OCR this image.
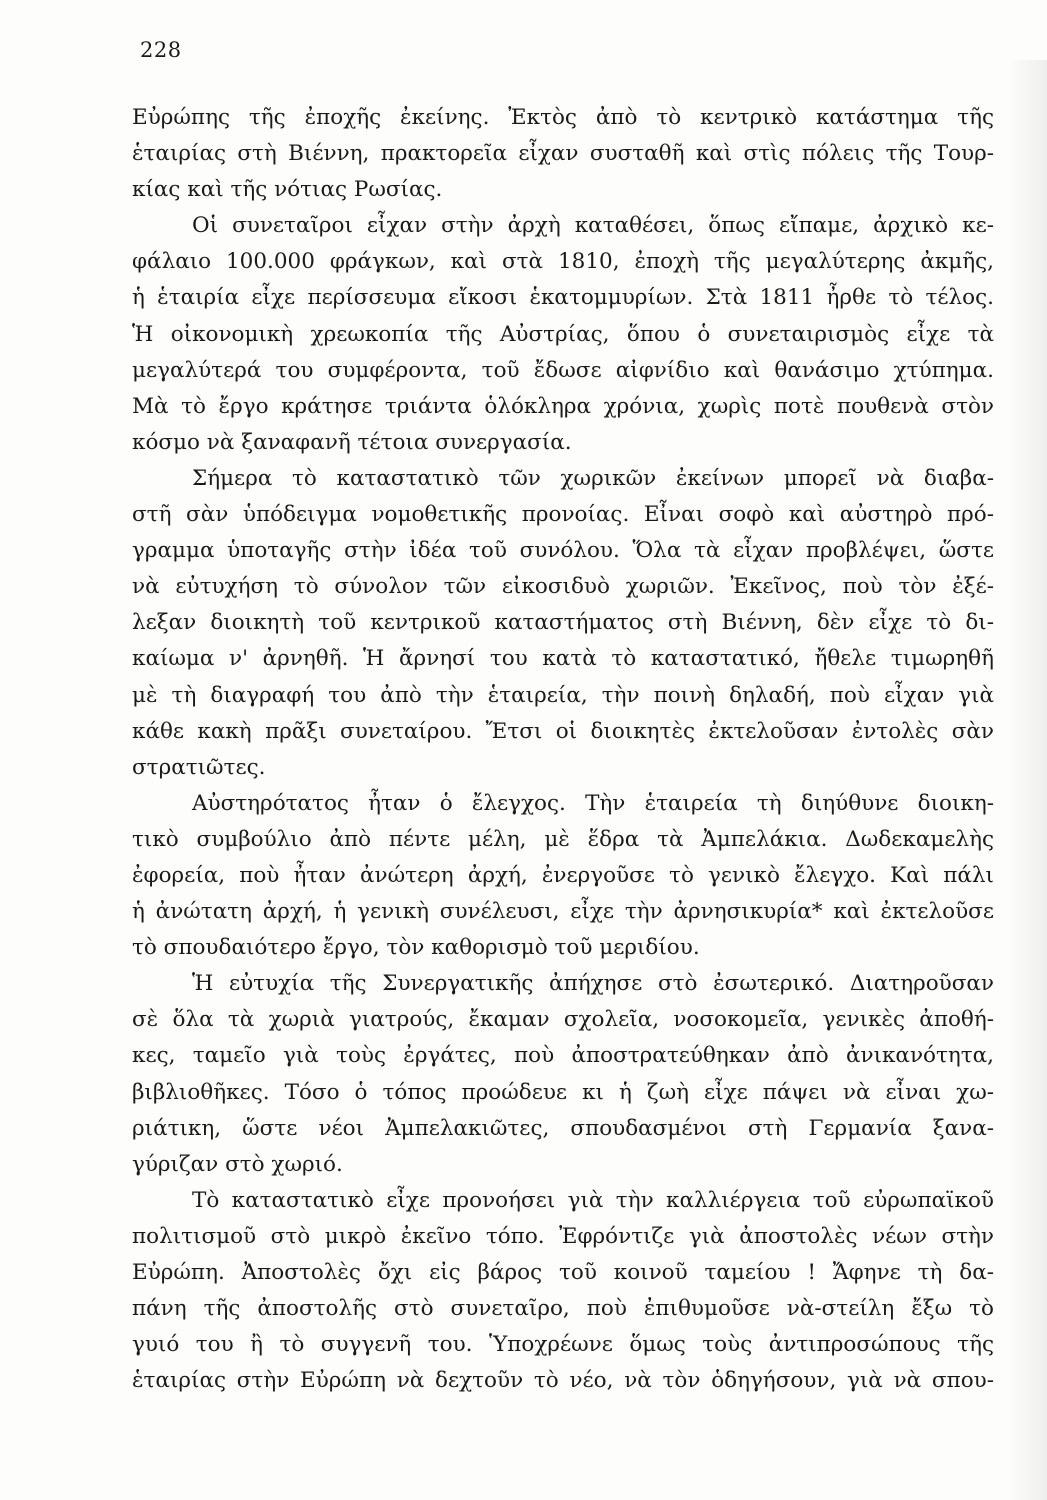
228
Εὐρώπης τῆς ἐποχῆς ἐκείνης. Ἐκτὸς ἀπὸ τὸ κεντρικὸ κατάστημα τῆς
ἑταιρίας στὴ Βιέννη, πρακτορεῖα εἶχαν συσταθῆ καὶ στὶς πόλεις τῆς Τουρ-
κίας καὶ τῆς νότιας Ρωσίας.
Οἱ συνεταῖροι εἶχαν στὴν ἀρχὴ καταθέσει, ὅπως εἴπαμε, ἀρχικὸ κε-
φάλαιο 100.000 φράγκων, καὶ στὰ 1810, ἐποχὴ τῆς μεγαλύτερης ἀκμῆς,
ἡ ἑταιρία εἶχε περίσσευμα εἴκοσι ἑκατομμυρίων. Στὰ 1811 ἦρθε τὸ τέλος.
Ἡ οἰκονομικὴ χρεωκοπία τῆς Αὐστρίας, ὅπου ὁ συνεταιρισμὸς εἶχε τὰ
μεγαλύτερά του συμφέροντα, τοῦ ἔδωσε αἰφνίδιο καὶ θανάσιμο χτύπημα.
Μὰ τὸ ἔργο κράτησε τριάντα ὁλόκληρα χρόνια, χωρὶς ποτὲ πουθενὰ στὸν
κόσμο νὰ ξαναφανῆ τέτοια συνεργασία.
Σήμερα τὸ καταστατικὸ τῶν χωρικῶν ἐκείνων μπορεῖ νὰ διαβα-
στῆ σὰν ὑπόδειγμα νομοθετικῆς προνοίας. Εἶναι σοφὸ καὶ αὐστηρὸ πρό-
γραμμα ὑποταγῆς στὴν ἰδέα τοῦ συνόλου. Ὅλα τὰ εἶχαν προβλέψει, ὥστε
νὰ εὐτυχήση τὸ σύνολον τῶν εἰκοσιδυὸ χωριῶν. Ἐκεῖνος, ποὺ τὸν ἐξέ-
λεξαν διοικητὴ τοῦ κεντρικοῦ καταστήματος στὴ Βιέννη, δὲν εἶχε τὸ δι-
καίωμα ν' ἀρνηθῆ. Ἡ ἄρνησί του κατὰ τὸ καταστατικό, ἤθελε τιμωρηθῆ
μὲ τὴ διαγραφή του ἀπὸ τὴν ἑταιρεία, τὴν ποινὴ δηλαδή, ποὺ εἶχαν γιὰ
κάθε κακὴ πρᾶξι συνεταίρου. Ἔτσι οἱ διοικητὲς ἐκτελοῦσαν ἐντολὲς σὰν
στρατιῶτες.
Αὐστηρότατος ἦταν ὁ ἔλεγχος. Τὴν ἑταιρεία τὴ διηύθυνε διοικη-
τικὸ συμβούλιο ἀπὸ πέντε μέλη, μὲ ἕδρα τὰ Ἀμπελάκια. Δωδεκαμελὴς
ἐφορεία, ποὺ ἦταν ἀνώτερη ἀρχή, ἐνεργοῦσε τὸ γενικὸ ἔλεγχο. Καὶ πάλι
ἡ ἀνώτατη ἀρχή, ἡ γενικὴ συνέλευσι, εἶχε τὴν ἀρνησικυρία* καὶ ἐκτελοῦσε
τὸ σπουδαιότερο ἔργο, τὸν καθορισμὸ τοῦ μεριδίου.
Ἡ εὐτυχία τῆς Συνεργατικῆς ἀπήχησε στὸ ἐσωτερικό. Διατηροῦσαν
σὲ ὅλα τὰ χωριὰ γιατρούς, ἔκαμαν σχολεῖα, νοσοκομεῖα, γενικὲς ἀποθή-
κες, ταμεῖο γιὰ τοὺς ἐργάτες, ποὺ ἀποστρατεύθηκαν ἀπὸ ἀνικανότητα,
βιβλιοθῆκες. Τόσο ὁ τόπος προώδευε κι ἡ ζωὴ εἶχε πάψει νὰ εἶναι χω-
ριάτικη, ὥστε νέοι Ἀμπελακιῶτες, σπουδασμένοι στὴ Γερμανία ξανα-
γύριζαν στὸ χωριό.
Τὸ καταστατικὸ εἶχε προνοήσει γιὰ τὴν καλλιέργεια τοῦ εὐρωπαϊκοῦ
πολιτισμοῦ στὸ μικρὸ ἐκεῖνο τόπο. Ἐφρόντιζε γιὰ ἀποστολὲς νέων στὴν
Εὐρώπη. Ἀποστολὲς ὄχι εἰς βάρος τοῦ κοινοῦ ταμείου ! Ἄφηνε τὴ δα-
πάνη τῆς ἀποστολῆς στὸ συνεταῖρο, ποὺ ἐπιθυμοῦσε νὰ-στείλη ἔξω τὸ
γυιό του ἢ τὸ συγγενῆ του. Ὑποχρέωνε ὅμως τοὺς ἀντιπροσώπους τῆς
ἑταιρίας στὴν Εὐρώπη νὰ δεχτοῦν τὸ νέο, νὰ τὸν ὁδηγήσουν, γιὰ νὰ σπου-
